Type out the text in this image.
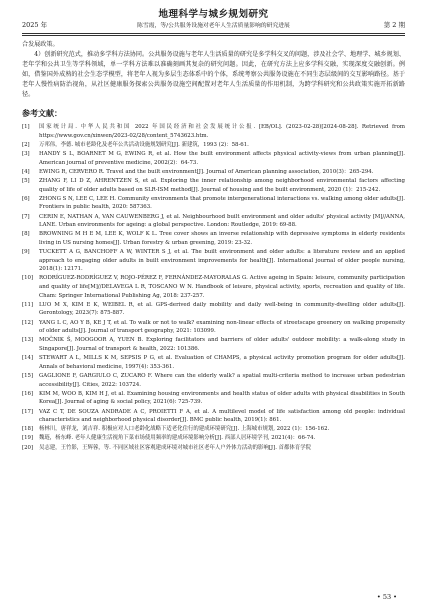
地理科学与城乡规划研究
2025 年	陈雪霞，等/公共服务设施对老年人生活质量影响的研究进展	第 2 期

合发展政策。

4）创新研究范式，推动多学科方法协同。公共服务设施与老年人生活质量的研究是多学科交叉的问题，涉及社会学、地理学、城乡规划、老年学和公共卫生等学科领域，单一学科方法难以准确刻画其复杂的研究问题。因此，在研究方法上应多学科交融，实现深度交融创新。例如，借鉴国外成熟的社会生态学模型，将老年人视为多层生态体系中的个体，系统考察公共服务设施在不同生态层级间的交互影响路径。基于老年人慢性病防治视角，从社区健康服务探索公共服务设施空间配置对老年人生活质量的作用机制，为跨学科研究和公共政策实施开拓新路径。

参考文献：
[1] 国家统计局. 中华人民共和国 2022 年国民经济和社会发展统计公报. [EB/OL]. (2023-02-28)[2024-08-28]. Retrieved from https://www.gov.cn/xinwen/2023-02/28/content_5743623.htm.
[2] 万邦伟，李德. 城市老龄化及老年公共活动设施规划研究[J]. 新建筑，1993 (2)：58-61.
[3] HANDY S L, BOARNET M G, EWING R, et al. How the built environment affects physical activity-views from urban planning[J]. American journal of preventive medicine, 2002(2)：64-73.
[4] EWING R, CERVERO R. Travel and the built environment[J]. Journal of American planning association, 2010(3)：265-294.
[5] ZHANG F, LI D Z, AHRENTZEN S, et al. Exploring the inner relationship among neighborhood environmental factors affecting quality of life of older adults based on SLR-ISM method[J]. Journal of housing and the built environment, 2020 (1)：215-242.
[6] ZHONG S N, LEE C, LEE H. Community environments that promote intergenerational interactions vs. walking among older adults[J]. Frontiers in public health, 2020: 587363.
[7] CERIN E, NATHAN A, VAN CAUWENBERG J, et al. Neighbourhood built environment and older adults' physical activity [M]//ANNA, LANE. Urban environments for ageing: a global perspective. London: Routledge, 2019: 69-88.
[8] BROWNING M H E M, LEE K, WOLF K L. Tree cover shows an inverse relationship with depressive symptoms in elderly residents living in US nursing homes[J]. Urban forestry & urban greening, 2019: 23-32.
[9] TUCKETT A G, BANCHOFF A W, WINTER S J, et al. The built environment and older adults: a literature review and an applied approach to engaging older adults in built environment improvements for health[J]. International journal of older people nursing, 2018(1): 12171.
[10] RODRÍGUEZ-RODRÍGUEZ V, ROJO-PÉREZ F, FERNÁNDEZ-MAYORALAS G. Active ageing in Spain: leisure, community participation and quality of life[M]//DELAVEGA L R, TOSCANO W N. Handbook of leisure, physical activity, sports, recreation and quality of life. Cham: Springer International Publishing Ag, 2018: 237-257.
[11] LUO M X, KIM E K, WEIBEL R, et al. GPS-derived daily mobility and daily well-being in community-dwelling older adults[J]. Gerontology, 2023(7): 875-887.
[12] YANG L C, AO Y B, KE J T, et al. To walk or not to walk? examining non-linear effects of streetscape greenery on walking propensity of older adults[J]. Journal of transport geography, 2021: 103099.
[13] MOČNIK Š, MOOGOOR A, YUEN B. Exploring facilitators and barriers of older adults' outdoor mobility: a walk-along study in Singapore[J]. Journal of transport & health, 2022: 101386.
[14] STEWART A L, MILLS K M, SEPSIS P G, et al. Evaluation of CHAMPS, a physical activity promotion program for older adults[J]. Annals of behavioral medicine, 1997(4): 353-361.
[15] GAGLIONE F, GARGIULO C, ZUCARO F. Where can the elderly walk? a spatial multi-criteria method to increase urban pedestrian accessibility[J]. Cities, 2022: 103724.
[16] KIM M, WOO B, KIM H J, et al. Examining housing environments and health status of older adults with physical disabilities in South Korea[J]. Journal of aging & social policy, 2021(6): 725-739.
[17] VAZ C T, DE SOUZA ANDRADE A C, PROIETTI F A, et al. A multilevel model of life satisfaction among old people: individual characteristics and neighborhood physical disorder[J]. BMC public health, 2019(1): 861.
[18] 杨林川，唐祥龙，刘吉祥. 积极应对人口老龄化战略下适老化住行的建成环境研究[J]. 上海城市规划, 2022 (1)：156-162.
[19] 魏琏，杨东峰. 老年人健康生活视角下菜市场使用频率的建成环境影响分析[J]. 西部人居环境学刊, 2021(4)：66-74.
[20] 吴志建，王竹影，王辉蓉，等. 不同区域社区客观建成环境对城市社区老年人户外体力活动的影响[J]. 首都体育学院
• 53 •
